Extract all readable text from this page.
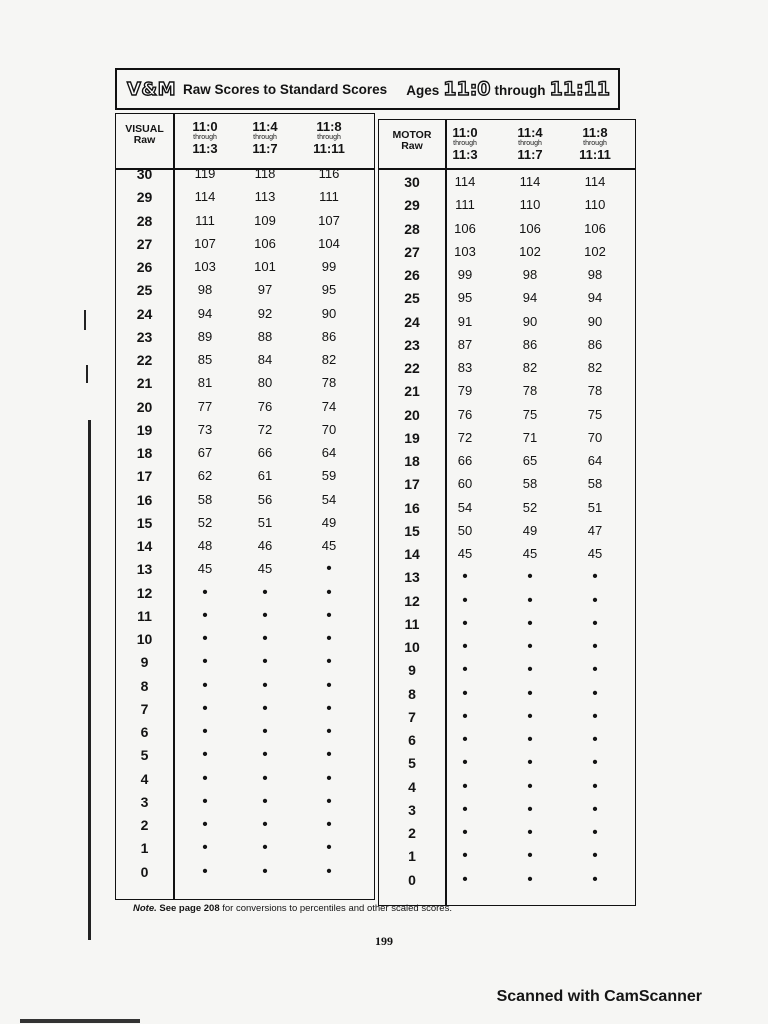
V&M Raw Scores to Standard Scores Ages 11:0 through 11:11
VISUAL
Raw
11:0
through
11:3
11:4
through
11:7
11:8
through
11:11
30	119	118	116
29	114	113	111
28	111	109	107
27	107	106	104
26	103	101	99
25	98	97	95
24	94	92	90
23	89	88	86
22	85	84	82
21	81	80	78
20	77	76	74
19	73	72	70
18	67	66	64
17	62	61	59
16	58	56	54
15	52	51	49
14	48	46	45
13	45	45	•
12	•	•	•
11	•	•	•
10	•	•	•
9	•	•	•
8	•	•	•
7	•	•	•
6	•	•	•
5	•	•	•
4	•	•	•
3	•	•	•
2	•	•	•
1	•	•	•
0	•	•	•
MOTOR
Raw
11:0
through
11:3
11:4
through
11:7
11:8
through
11:11
30	114	114	114
29	111	110	110
28	106	106	106
27	103	102	102
26	99	98	98
25	95	94	94
24	91	90	90
23	87	86	86
22	83	82	82
21	79	78	78
20	76	75	75
19	72	71	70
18	66	65	64
17	60	58	58
16	54	52	51
15	50	49	47
14	45	45	45
13	•	•	•
12	•	•	•
11	•	•	•
10	•	•	•
9	•	•	•
8	•	•	•
7	•	•	•
6	•	•	•
5	•	•	•
4	•	•	•
3	•	•	•
2	•	•	•
1	•	•	•
0	•	•	•
Note. See page 208 for conversions to percentiles and other scaled scores.
199
Scanned with CamScanner
